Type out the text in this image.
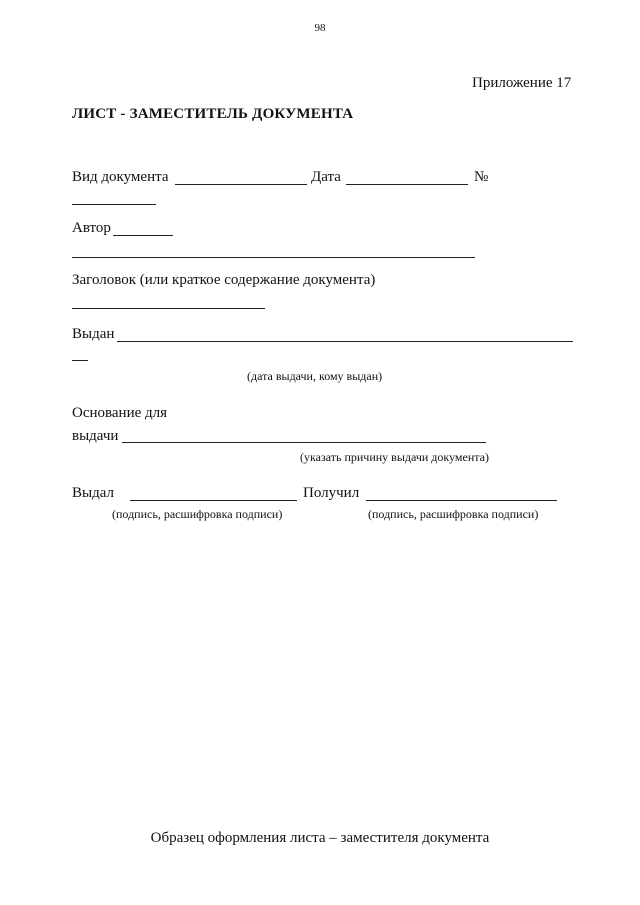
98
Приложение 17
ЛИСТ - ЗАМЕСТИТЕЛЬ ДОКУМЕНТА
Вид документа	Дата	№
Автор
Заголовок (или краткое содержание документа)
Выдан
(дата выдачи, кому выдан)
Основание для
выдачи
(указать причину выдачи документа)
Выдал	Получил
(подпись, расшифровка подписи)	(подпись, расшифровка подписи)
Образец оформления листа – заместителя документа
